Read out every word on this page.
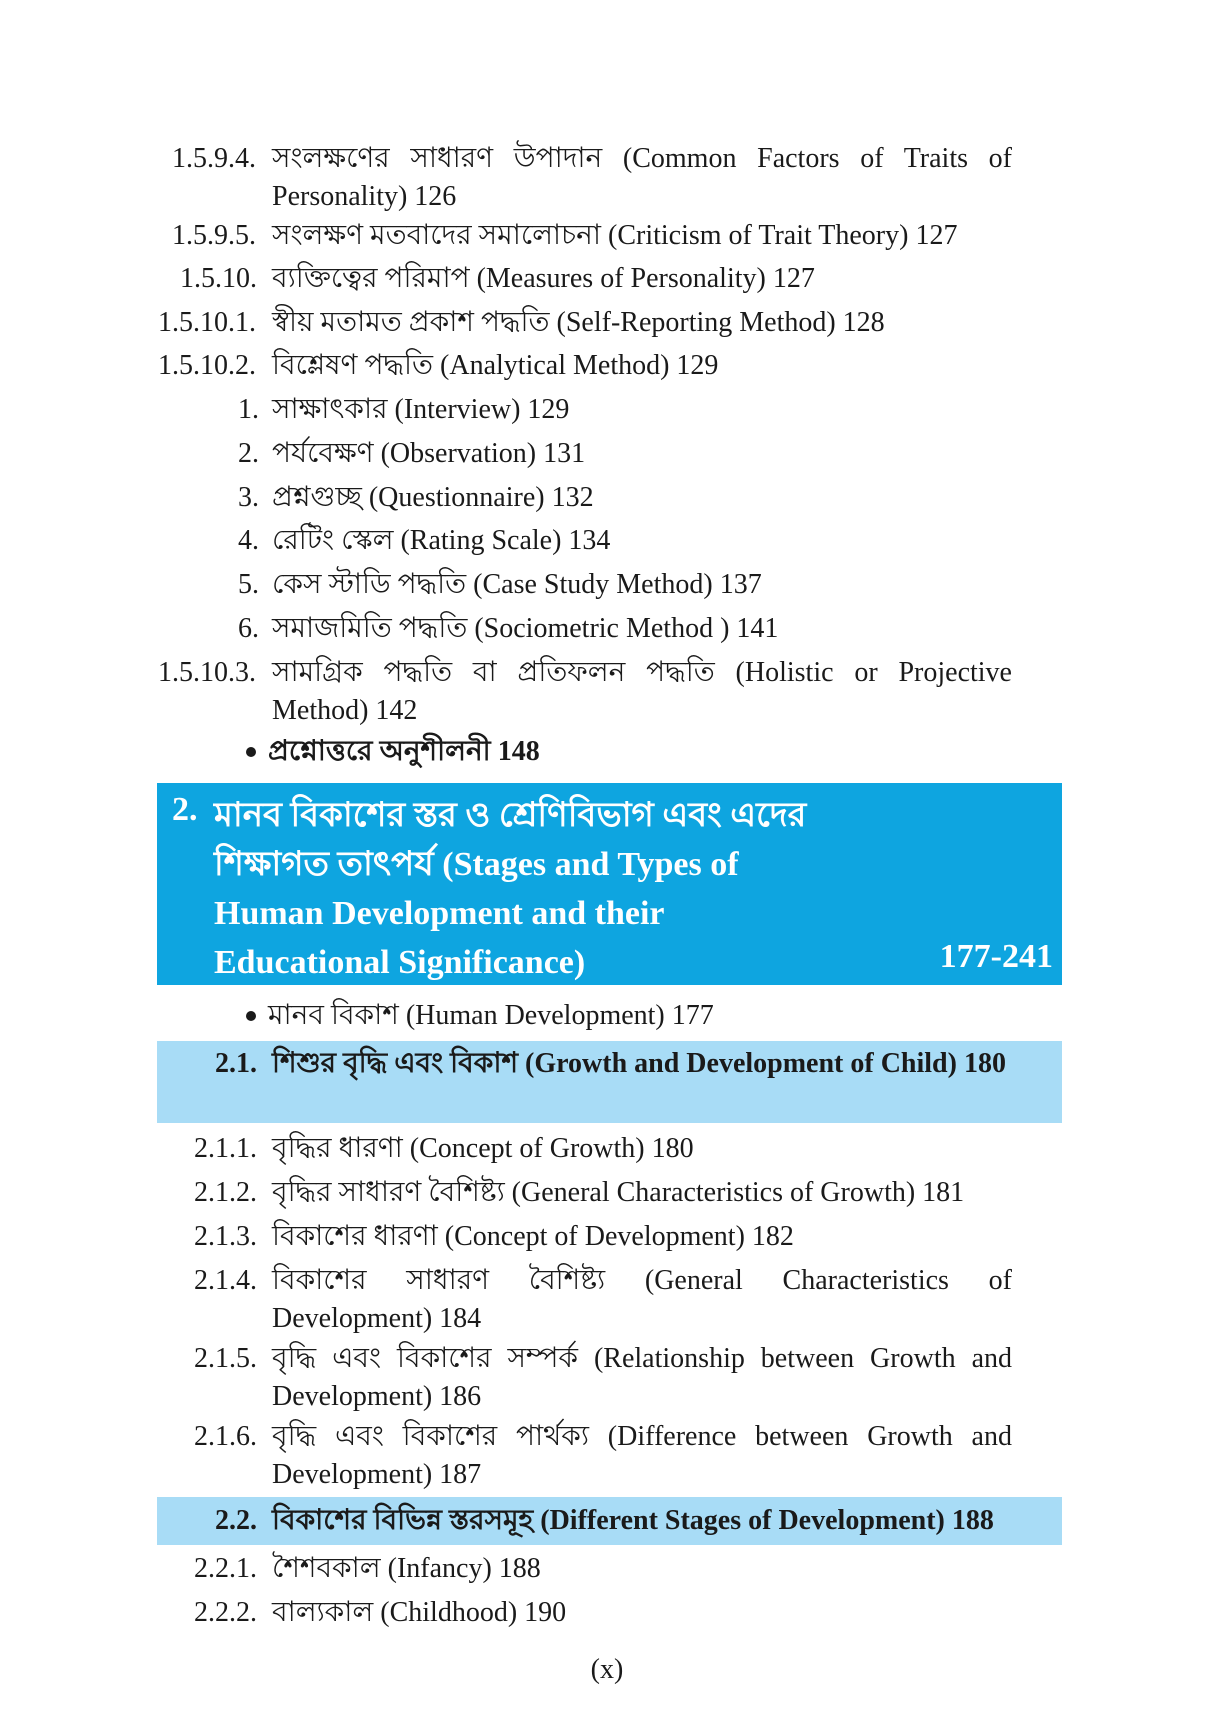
1.5.9.4. সংলক্ষণের সাধারণ উপাদান (Common Factors of Traits of Personality) 126
1.5.9.5. সংলক্ষণ মতবাদের সমালোচনা (Criticism of Trait Theory) 127
1.5.10. ব্যক্তিত্বের পরিমাপ (Measures of Personality) 127
1.5.10.1. স্বীয় মতামত প্রকাশ পদ্ধতি (Self-Reporting Method) 128
1.5.10.2. বিশ্লেষণ পদ্ধতি (Analytical Method) 129
1. সাক্ষাৎকার (Interview) 129
2. পর্যবেক্ষণ (Observation) 131
3. প্রশ্নগুচ্ছ (Questionnaire) 132
4. রেটিং স্কেল (Rating Scale) 134
5. কেস স্টাডি পদ্ধতি (Case Study Method) 137
6. সমাজমিতি পদ্ধতি (Sociometric Method ) 141
1.5.10.3. সামগ্রিক পদ্ধতি বা প্রতিফলন পদ্ধতি (Holistic or Projective Method) 142
প্রশ্নোত্তরে অনুশীলনী 148
2. মানব বিকাশের স্তর ও শ্রেণিবিভাগ এবং এদের শিক্ষাগত তাৎপর্য (Stages and Types of Human Development and their Educational Significance)	177-241
মানব বিকাশ (Human Development) 177
2.1. শিশুর বৃদ্ধি এবং বিকাশ (Growth and Development of Child) 180
2.1.1. বৃদ্ধির ধারণা (Concept of Growth) 180
2.1.2. বৃদ্ধির সাধারণ বৈশিষ্ট্য (General Characteristics of Growth) 181
2.1.3. বিকাশের ধারণা (Concept of Development) 182
2.1.4. বিকাশের সাধারণ বৈশিষ্ট্য (General Characteristics of Development) 184
2.1.5. বৃদ্ধি এবং বিকাশের সম্পর্ক (Relationship between Growth and Development) 186
2.1.6. বৃদ্ধি এবং বিকাশের পার্থক্য (Difference between Growth and Development) 187
2.2. বিকাশের বিভিন্ন স্তরসমূহ (Different Stages of Development) 188
2.2.1. শৈশবকাল (Infancy) 188
2.2.2. বাল্যকাল (Childhood) 190
(x)
